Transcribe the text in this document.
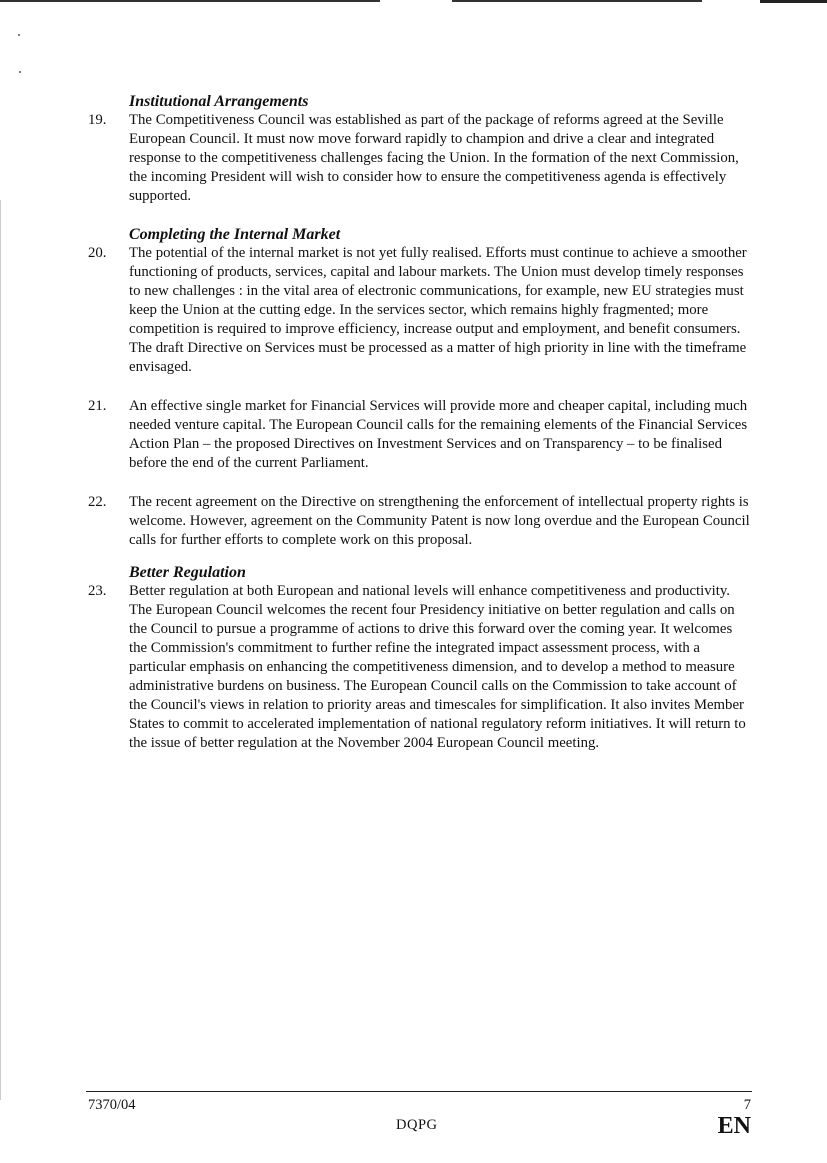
Institutional Arrangements
19.	The Competitiveness Council was established as part of the package of reforms agreed at the Seville European Council. It must now move forward rapidly to champion and drive a clear and integrated response to the competitiveness challenges facing the Union. In the formation of the next Commission, the incoming President will wish to consider how to ensure the competitiveness agenda is effectively supported.
Completing the Internal Market
20.	The potential of the internal market is not yet fully realised. Efforts must continue to achieve a smoother functioning of products, services, capital and labour markets. The Union must develop timely responses to new challenges : in the vital area of electronic communications, for example, new EU strategies must keep the Union at the cutting edge. In the services sector, which remains highly fragmented; more competition is required to improve efficiency, increase output and employment, and benefit consumers. The draft Directive on Services must be processed as a matter of high priority in line with the timeframe envisaged.
21.	An effective single market for Financial Services will provide more and cheaper capital, including much needed venture capital. The European Council calls for the remaining elements of the Financial Services Action Plan – the proposed Directives on Investment Services and on Transparency – to be finalised before the end of the current Parliament.
22.	The recent agreement on the Directive on strengthening the enforcement of intellectual property rights is welcome. However, agreement on the Community Patent is now long overdue and the European Council calls for further efforts to complete work on this proposal.
Better Regulation
23.	Better regulation at both European and national levels will enhance competitiveness and productivity. The European Council welcomes the recent four Presidency initiative on better regulation and calls on the Council to pursue a programme of actions to drive this forward over the coming year. It welcomes the Commission's commitment to further refine the integrated impact assessment process, with a particular emphasis on enhancing the competitiveness dimension, and to develop a method to measure administrative burdens on business. The European Council calls on the Commission to take account of the Council's views in relation to priority areas and timescales for simplification. It also invites Member States to commit to accelerated implementation of national regulatory reform initiatives. It will return to the issue of better regulation at the November 2004 European Council meeting.
7370/04	7
DQPG	EN
